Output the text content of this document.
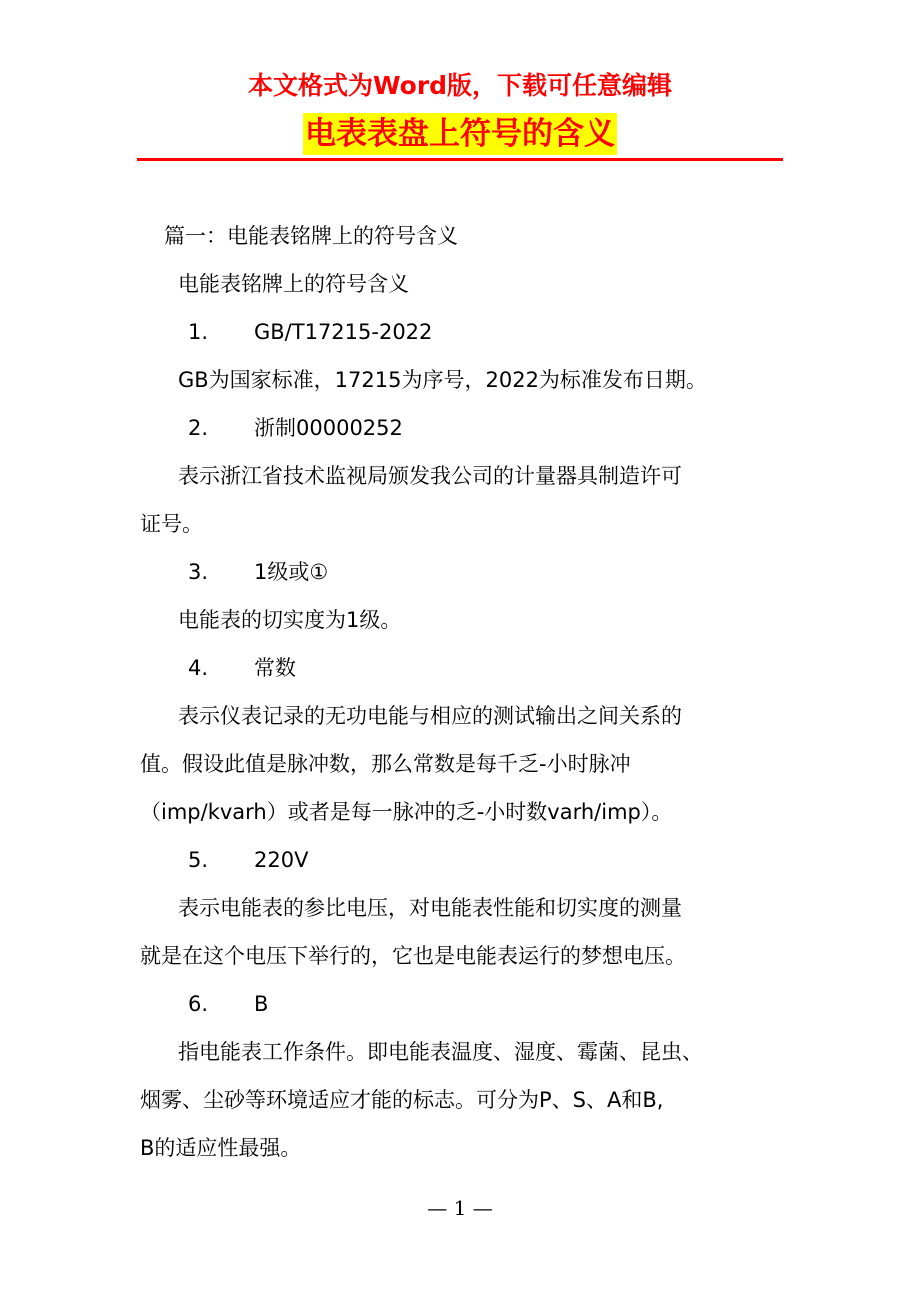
本文格式为Word版，下载可任意编辑
电表表盘上符号的含义

篇一：电能表铭牌上的符号含义

电能表铭牌上的符号含义

1. GB/T17215-2022

GB为国家标准，17215为序号，2022为标准发布日期。

2. 浙制00000252

表示浙江省技术监视局颁发我公司的计量器具制造许可

证号。

3. 1级或①

电能表的切实度为1级。

4. 常数

表示仪表记录的无功电能与相应的测试输出之间关系的

值。假设此值是脉冲数，那么常数是每千乏-小时脉冲

（imp/kvarh）或者是每一脉冲的乏-小时数varh/imp）。

5. 220V

表示电能表的参比电压，对电能表性能和切实度的测量

就是在这个电压下举行的，它也是电能表运行的梦想电压。

6. B

指电能表工作条件。即电能表温度、湿度、霉菌、昆虫、

烟雾、尘砂等环境适应才能的标志。可分为P、S、A和B,

B的适应性最强。

— 1 —
